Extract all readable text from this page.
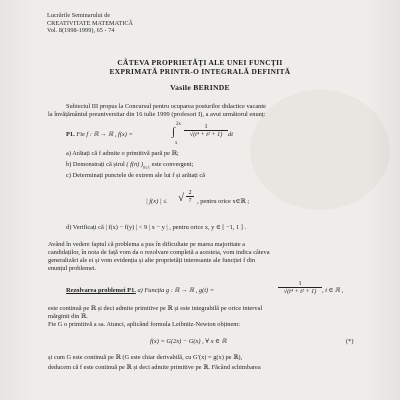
Lucrările Seminarului de
CREATIVITATE MATEMATICĂ
Vol. 8(1998-1999), 65 - 74
CÂTEVA PROPRIETĂȚI ALE UNEI FUNCȚII
EXPRIMATĂ PRINTR-O INTEGRALĂ DEFINITĂ
Vasile BERINDE
Subiectul III propus la Concursul pentru ocuparea posturilor didactice vacante
la învățământul preuniversitar din 16 iulie 1999 (profesori I), a avut următorul enunț:
P1. Fie f : ℝ → ℝ , f(x) =
2x
∫
x
$\frac{1}{\text{√(t⁴ + t² + 1)}}$ dt
a) Arătați că f admite o primitivă pară pe ℝ;
b) Demonstrați că șirul ( f(n) )$_{n\ge 1}$ este convergent;
c) Determinați punctele de extrem ale lui f și arătați că
| f(x) | ≤ √ $\frac{2}{7}$ , pentru orice x∈ℝ ;
d) Verificați că | f(x) − f(y) | < 9 | x − y | , pentru orice x, y ∈ [ −1, 1 ] .
Având în vedere faptul că problema a pus în dificultate pe marea majoritate a
candidaților, în nota de față vom da o rezolvare completă a acesteia, vom indica câteva
generalizări ale ei și vom evidenția și alte proprietăți interesante ale funcției f din
enunțul problemei.
Rezolvarea problemei P1. a) Funcția g : ℝ → ℝ , g(t) =	$\frac{1}{\text{√(t⁴ + t² + 1)}}$ , t ∈ ℝ ,
este continuă pe ℝ și deci admite primitive pe ℝ și este integrabilă pe orice interval
mărginit din ℝ.
Fie G o primitivă a sa. Atunci, aplicând formula Leibnitz-Newton obținem:
f(x) = G(2x) − G(x) , ∀ x ∈ ℝ	(*)
și cum G este continuă pe ℝ (G este chiar derivabilă, cu G′(x) = g(x) pe ℝ),
deducem că f este continuă pe ℝ și deci admite primitive pe ℝ. Făcând schimbarea
